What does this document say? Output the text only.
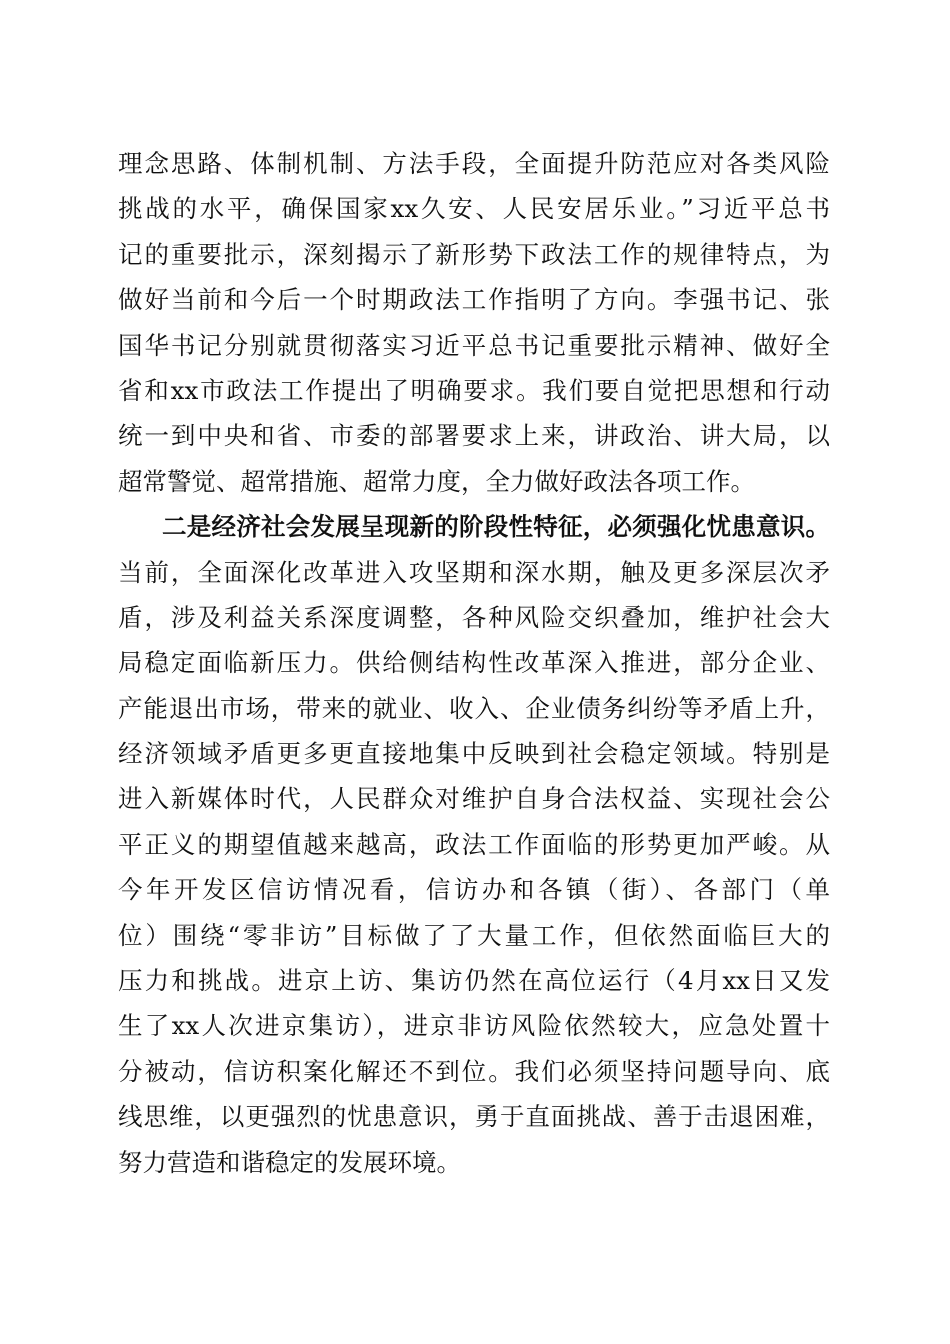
理念思路、体制机制、方法手段，全面提升防范应对各类风险
挑战的水平，确保国家xx久安、人民安居乐业。”习近平总书
记的重要批示，深刻揭示了新形势下政法工作的规律特点，为
做好当前和今后一个时期政法工作指明了方向。李强书记、张
国华书记分别就贯彻落实习近平总书记重要批示精神、做好全
省和xx市政法工作提出了明确要求。我们要自觉把思想和行动
统一到中央和省、市委的部署要求上来，讲政治、讲大局，以
超常警觉、超常措施、超常力度，全力做好政法各项工作。
二是经济社会发展呈现新的阶段性特征，必须强化忧患意识。
当前，全面深化改革进入攻坚期和深水期，触及更多深层次矛
盾，涉及利益关系深度调整，各种风险交织叠加，维护社会大
局稳定面临新压力。供给侧结构性改革深入推进，部分企业、
产能退出市场，带来的就业、收入、企业债务纠纷等矛盾上升，
经济领域矛盾更多更直接地集中反映到社会稳定领域。特别是
进入新媒体时代，人民群众对维护自身合法权益、实现社会公
平正义的期望值越来越高，政法工作面临的形势更加严峻。从
今年开发区信访情况看，信访办和各镇（街）、各部门（单
位）围绕“零非访”目标做了了大量工作，但依然面临巨大的
压力和挑战。进京上访、集访仍然在高位运行（4月xx日又发
生了xx人次进京集访），进京非访风险依然较大，应急处置十
分被动，信访积案化解还不到位。我们必须坚持问题导向、底
线思维，以更强烈的忧患意识，勇于直面挑战、善于击退困难，
努力营造和谐稳定的发展环境。
